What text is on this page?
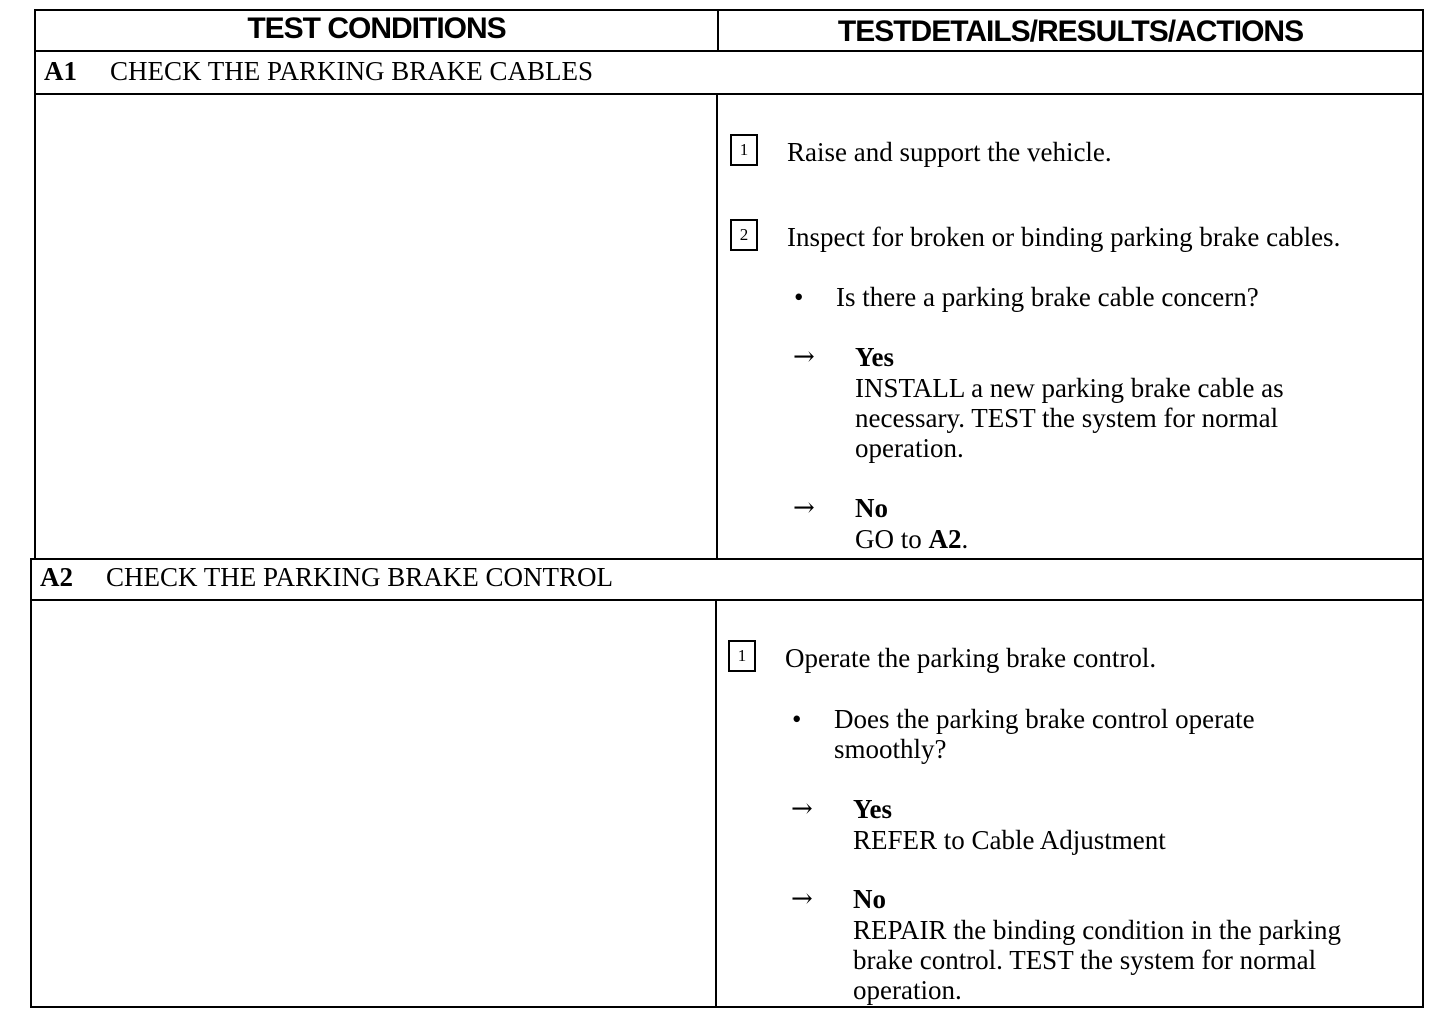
TEST CONDITIONS	TESTDETAILS/RESULTS/ACTIONS
A1 CHECK THE PARKING BRAKE CABLES
1	Raise and support the vehicle.
2	Inspect for broken or binding parking brake cables.
• Is there a parking brake cable concern?
→ Yes
INSTALL a new parking brake cable as
necessary. TEST the system for normal
operation.
→ No
GO to A2.
A2 CHECK THE PARKING BRAKE CONTROL
1	Operate the parking brake control.
• Does the parking brake control operate
smoothly?
→ Yes
REFER to Cable Adjustment
→ No
REPAIR the binding condition in the parking
brake control. TEST the system for normal
operation.
